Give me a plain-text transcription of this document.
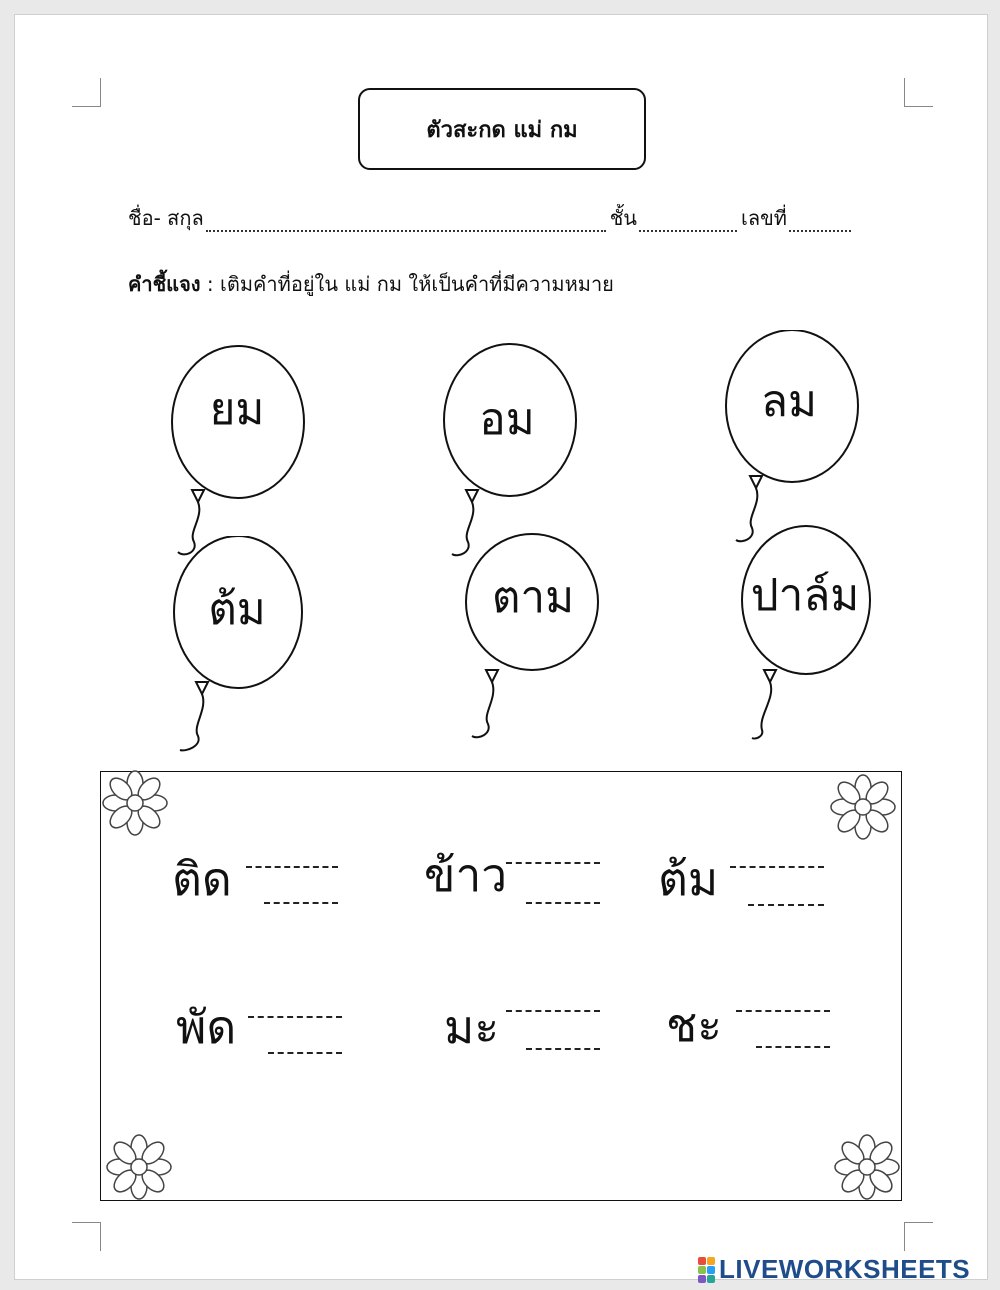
ตัวสะกด แม่ กม
ชื่อ- สกุล	ชั้น	เลขที่
คำชี้แจง : เติมคำที่อยู่ใน แม่ กม ให้เป็นคำที่มีความหมาย
ยม	อม	ลม
ต้ม	ตาม	ปาล์ม
ติด	ข้าว	ต้ม
พัด	มะ	ชะ
LIVEWORKSHEETS
